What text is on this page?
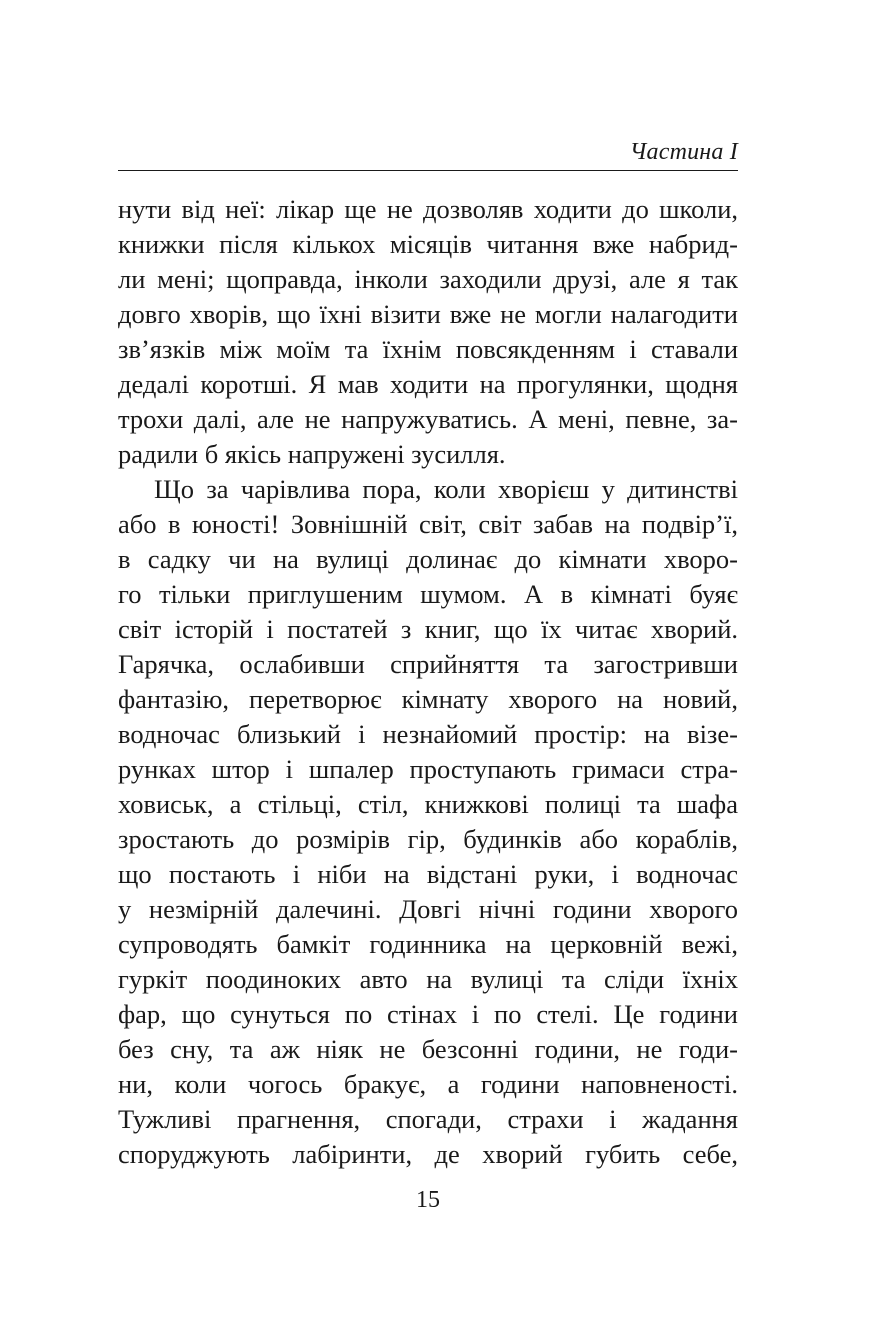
Частина І
нути від неї: лікар ще не дозволяв ходити до школи,
книжки після кількох місяців читання вже набрид-
ли мені; щоправда, інколи заходили друзі, але я так
довго хворів, що їхні візити вже не могли налагодити
зв’язків між моїм та їхнім повсякденням і ставали
дедалі коротші. Я мав ходити на прогулянки, щодня
трохи далі, але не напружуватись. А мені, певне, за-
радили б якісь напружені зусилля.
Що за чарівлива пора, коли хворієш у дитинстві
або в юності! Зовнішній світ, світ забав на подвір’ї,
в садку чи на вулиці долинає до кімнати хворо-
го тільки приглушеним шумом. А в кімнаті буяє
світ історій і постатей з книг, що їх читає хворий.
Гарячка, ослабивши сприйняття та загостривши
фантазію, перетворює кімнату хворого на новий,
водночас близький і незнайомий простір: на візе-
рунках штор і шпалер проступають гримаси стра-
ховиськ, а стільці, стіл, книжкові полиці та шафа
зростають до розмірів гір, будинків або кораблів,
що постають і ніби на відстані руки, і водночас
у незмірній далечині. Довгі нічні години хворого
супроводять бамкіт годинника на церковній вежі,
гуркіт поодиноких авто на вулиці та сліди їхніх
фар, що сунуться по стінах і по стелі. Це години
без сну, та аж ніяк не безсонні години, не годи-
ни, коли чогось бракує, а години наповненості.
Тужливі прагнення, спогади, страхи і жадання
споруджують лабіринти, де хворий губить себе,
15
